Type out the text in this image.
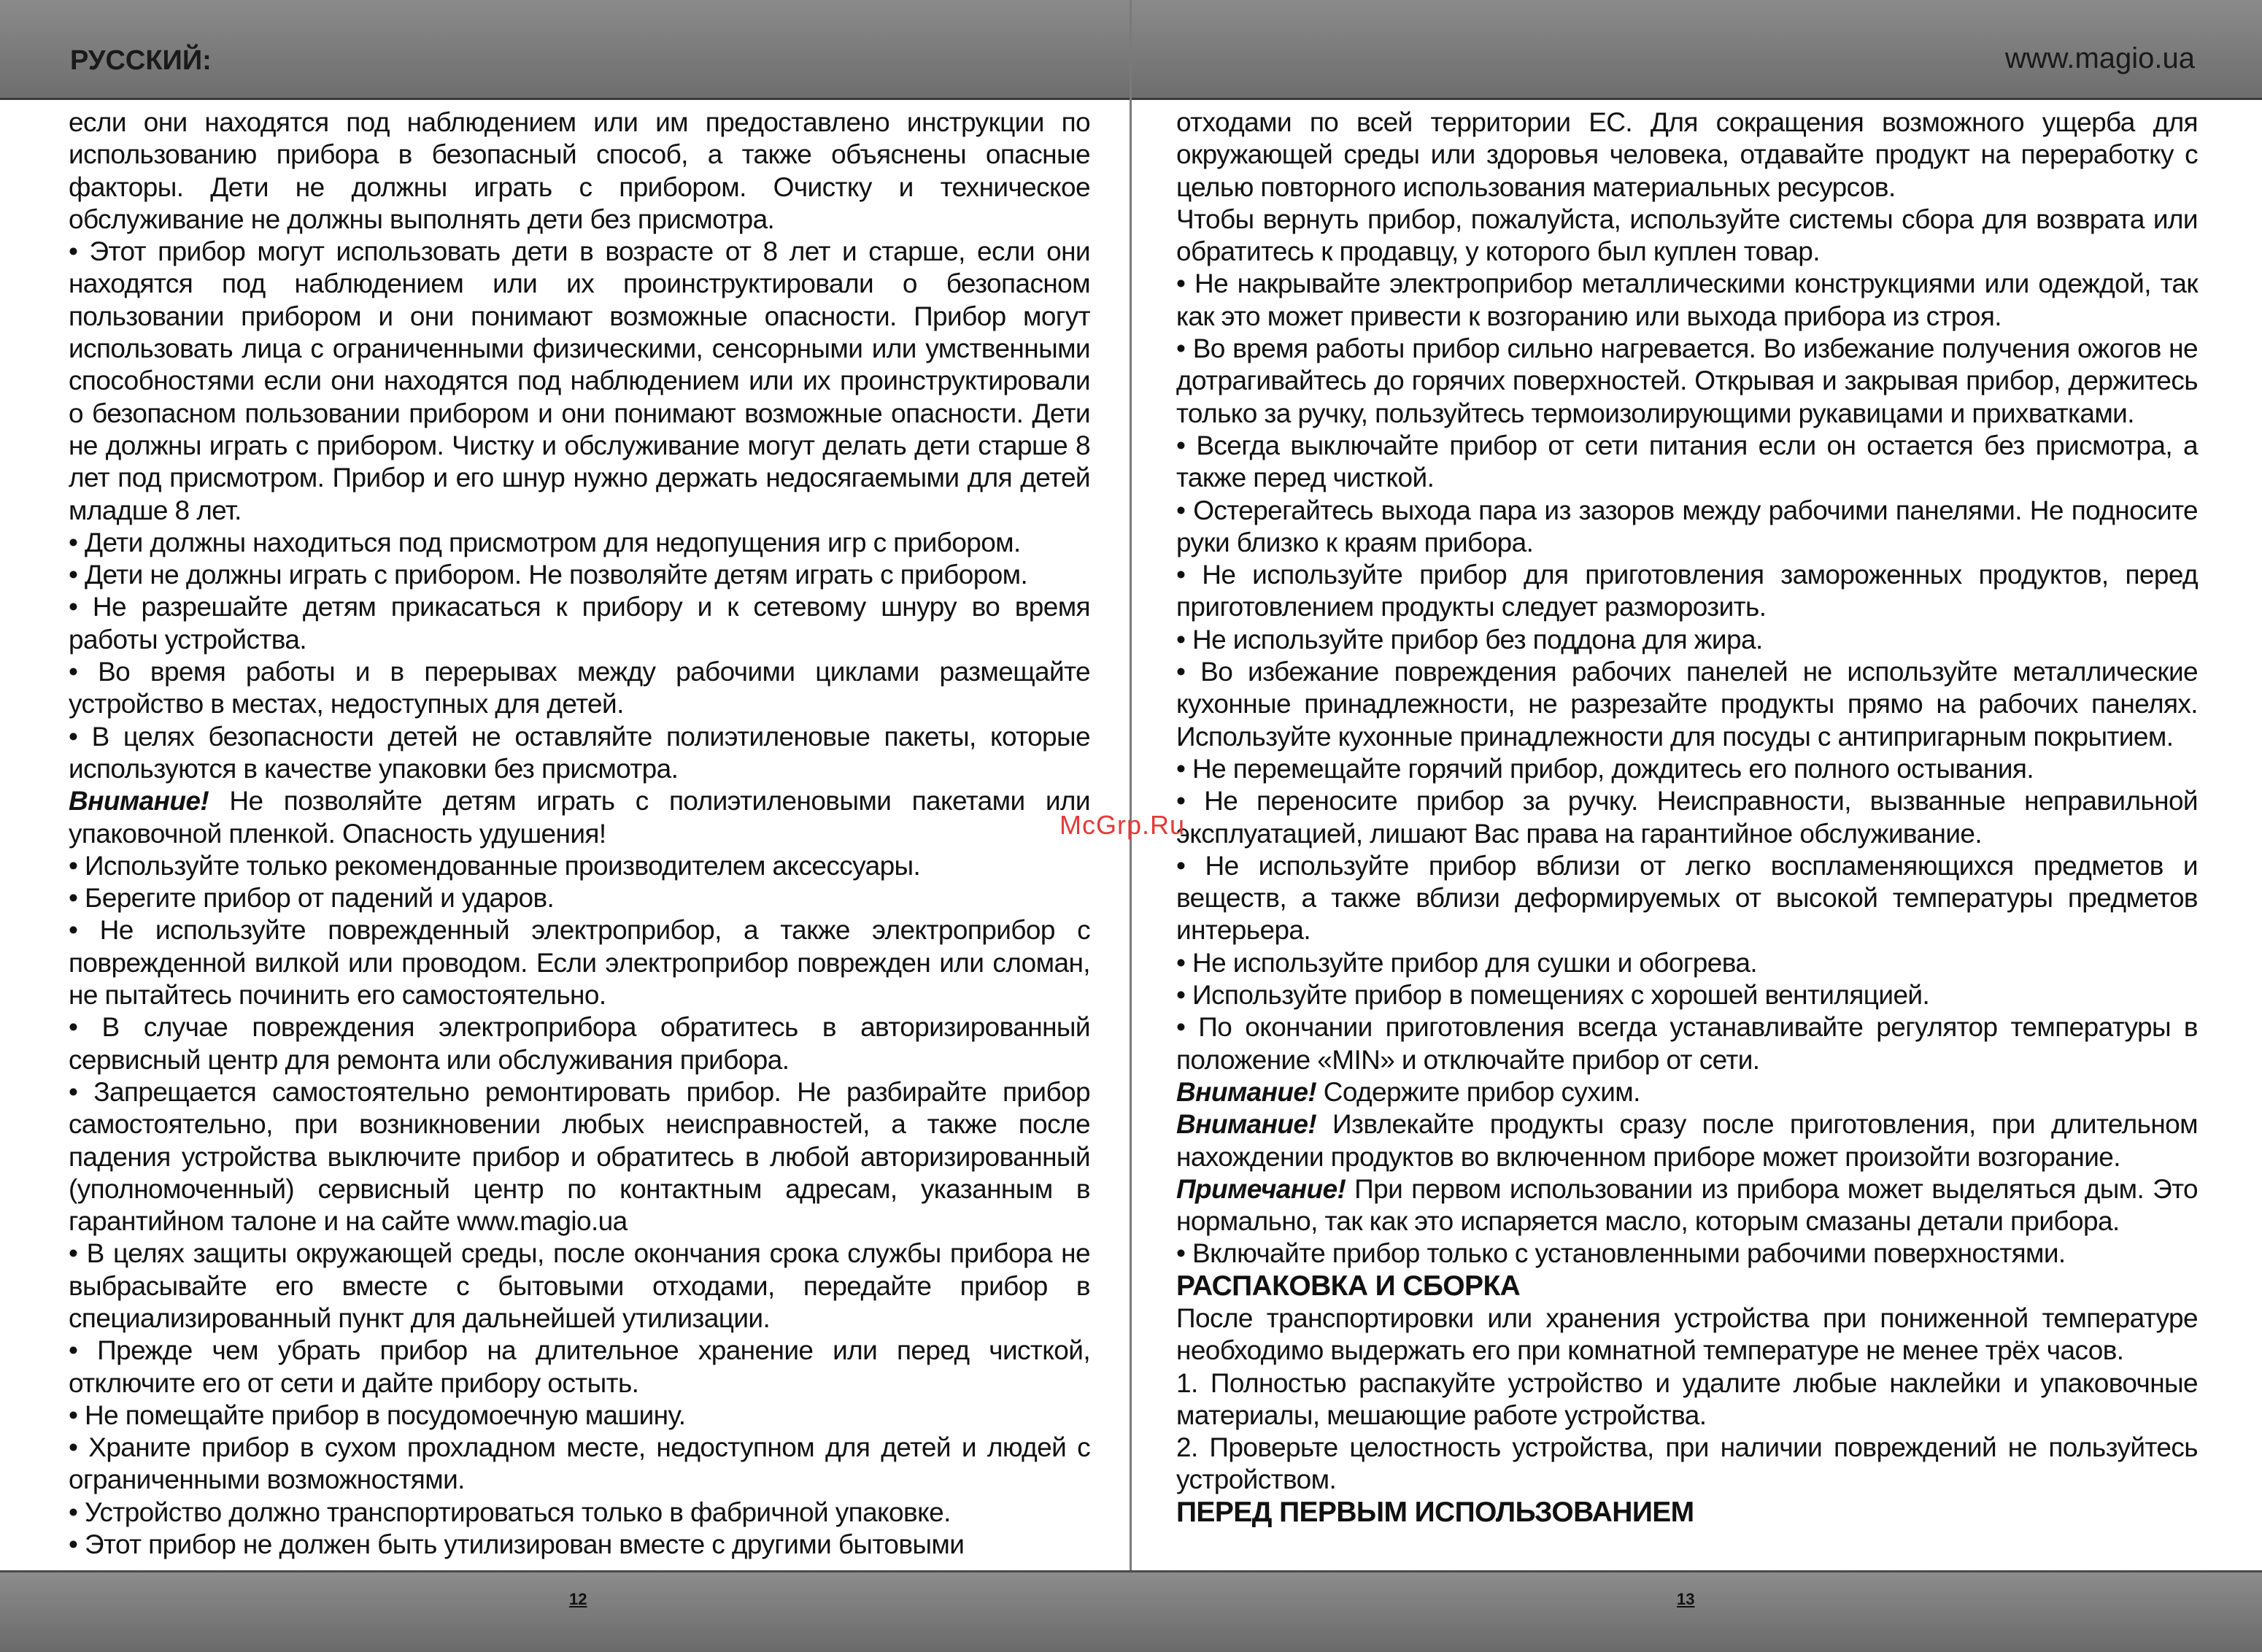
РУССКИЙ:	www.magio.ua

если они находятся под наблюдением или им предоставлено инструкции по использованию прибора в безопасный способ, а также объяснены опасные факторы. Дети не должны играть с прибором. Очистку и техническое обслуживание не должны выполнять дети без присмотра.

• Этот прибор могут использовать дети в возрасте от 8 лет и старше, если они находятся под наблюдением или их проинструктировали о безопасном пользовании прибором и они понимают возможные опасности. Прибор могут использовать лица с ограниченными физическими, сенсорными или умственными способностями если они находятся под наблюдением или их проинструктировали о безопасном пользовании прибором и они понимают возможные опасности. Дети не должны играть с прибором. Чистку и обслуживание могут делать дети старше 8 лет под присмотром. Прибор и его шнур нужно держать недосягаемыми для детей младше 8 лет.

• Дети должны находиться под присмотром для недопущения игр с прибором.

• Дети не должны играть с прибором. Не позволяйте детям играть с прибором.

• Не разрешайте детям прикасаться к прибору и к сетевому шнуру во время работы устройства.

• Во время работы и в перерывах между рабочими циклами размещайте устройство в местах, недоступных для детей.

• В целях безопасности детей не оставляйте полиэтиленовые пакеты, которые используются в качестве упаковки без присмотра.

Внимание! Не позволяйте детям играть с полиэтиленовыми пакетами или упаковочной пленкой. Опасность удушения!

• Используйте только рекомендованные производителем аксессуары.

• Берегите прибор от падений и ударов.

• Не используйте поврежденный электроприбор, а также электроприбор с поврежденной вилкой или проводом. Если электроприбор поврежден или сломан, не пытайтесь починить его самостоятельно.

• В случае повреждения электроприбора обратитесь в авторизированный сервисный центр для ремонта или обслуживания прибора.

• Запрещается самостоятельно ремонтировать прибор. Не разбирайте прибор самостоятельно, при возникновении любых неисправностей, а также после падения устройства выключите прибор и обратитесь в любой авторизированный (уполномоченный) сервисный центр по контактным адресам, указанным в гарантийном талоне и на сайте www.magio.ua

• В целях защиты окружающей среды, после окончания срока службы прибора не выбрасывайте его вместе с бытовыми отходами, передайте прибор в специализированный пункт для дальнейшей утилизации.

• Прежде чем убрать прибор на длительное хранение или перед чисткой, отключите его от сети и дайте прибору остыть.

• Не помещайте прибор в посудомоечную машину.

• Храните прибор в сухом прохладном месте, недоступном для детей и людей с ограниченными возможностями.

• Устройство должно транспортироваться только в фабричной упаковке.

• Этот прибор не должен быть утилизирован вместе с другими бытовыми

отходами по всей территории ЕС. Для сокращения возможного ущерба для окружающей среды или здоровья человека, отдавайте продукт на переработку с целью повторного использования материальных ресурсов.

Чтобы вернуть прибор, пожалуйста, используйте системы сбора для возврата или обратитесь к продавцу, у которого был куплен товар.

• Не накрывайте электроприбор металлическими конструкциями или одеждой, так как это может привести к возгоранию или выхода прибора из строя.

• Во время работы прибор сильно нагревается. Во избежание получения ожогов не дотрагивайтесь до горячих поверхностей. Открывая и закрывая прибор, держитесь только за ручку, пользуйтесь термоизолирующими рукавицами и прихватками.

• Всегда выключайте прибор от сети питания если он остается без присмотра, а также перед чисткой.

• Остерегайтесь выхода пара из зазоров между рабочими панелями. Не подносите руки близко к краям прибора.

• Не используйте прибор для приготовления замороженных продуктов, перед приготовлением продукты следует разморозить.

• Не используйте прибор без поддона для жира.

• Во избежание повреждения рабочих панелей не используйте металлические кухонные принадлежности, не разрезайте продукты прямо на рабочих панелях. Используйте кухонные принадлежности для посуды с антипригарным покрытием.

• Не перемещайте горячий прибор, дождитесь его полного остывания.

• Не переносите прибор за ручку. Неисправности, вызванные неправильной эксплуатацией, лишают Вас права на гарантийное обслуживание.

• Не используйте прибор вблизи от легко воспламеняющихся предметов и веществ, а также вблизи деформируемых от высокой температуры предметов интерьера.

• Не используйте прибор для сушки и обогрева.

• Используйте прибор в помещениях с хорошей вентиляцией.

• По окончании приготовления всегда устанавливайте регулятор температуры в положение «MIN» и отключайте прибор от сети.

Внимание! Содержите прибор сухим.

Внимание! Извлекайте продукты сразу после приготовления, при длительном нахождении продуктов во включенном приборе может произойти возгорание.

Примечание! При первом использовании из прибора может выделяться дым. Это нормально, так как это испаряется масло, которым смазаны детали прибора.

• Включайте прибор только с установленными рабочими поверхностями.

РАСПАКОВКА И СБОРКА

После транспортировки или хранения устройства при пониженной температуре необходимо выдержать его при комнатной температуре не менее трёх часов.

1. Полностью распакуйте устройство и удалите любые наклейки и упаковочные материалы, мешающие работе устройства.

2. Проверьте целостность устройства, при наличии повреждений не пользуйтесь устройством.

ПЕРЕД ПЕРВЫМ ИСПОЛЬЗОВАНИЕМ

McGrp.Ru
12	13
